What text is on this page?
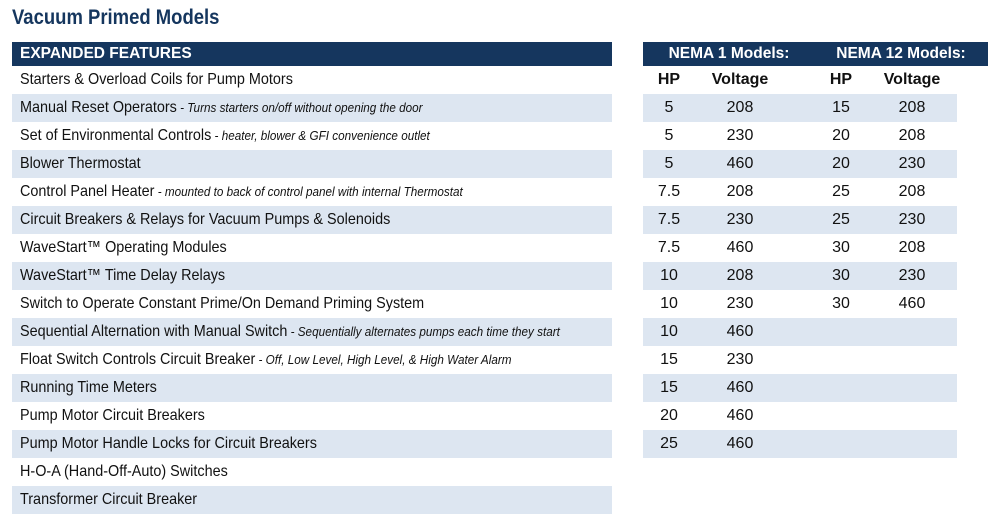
Vacuum Primed Models
EXPANDED FEATURES
Starters & Overload Coils for Pump Motors
Manual Reset Operators - Turns starters on/off without opening the door
Set of Environmental Controls - heater, blower & GFI convenience outlet
Blower Thermostat
Control Panel Heater - mounted to back of control panel with internal Thermostat
Circuit Breakers & Relays for Vacuum Pumps & Solenoids
WaveStart™ Operating Modules
WaveStart™ Time Delay Relays
Switch to Operate Constant Prime/On Demand Priming System
Sequential Alternation with Manual Switch - Sequentially alternates pumps each time they start
Float Switch Controls Circuit Breaker - Off, Low Level, High Level, & High Water Alarm
Running Time Meters
Pump Motor Circuit Breakers
Pump Motor Handle Locks for Circuit Breakers
H-O-A (Hand-Off-Auto) Switches
Transformer Circuit Breaker
NEMA 1 Models:	NEMA 12 Models:
HP	Voltage	HP	Voltage
5	208	15	208
5	230	20	208
5	460	20	230
7.5	208	25	208
7.5	230	25	230
7.5	460	30	208
10	208	30	230
10	230	30	460
10	460
15	230
15	460
20	460
25	460
